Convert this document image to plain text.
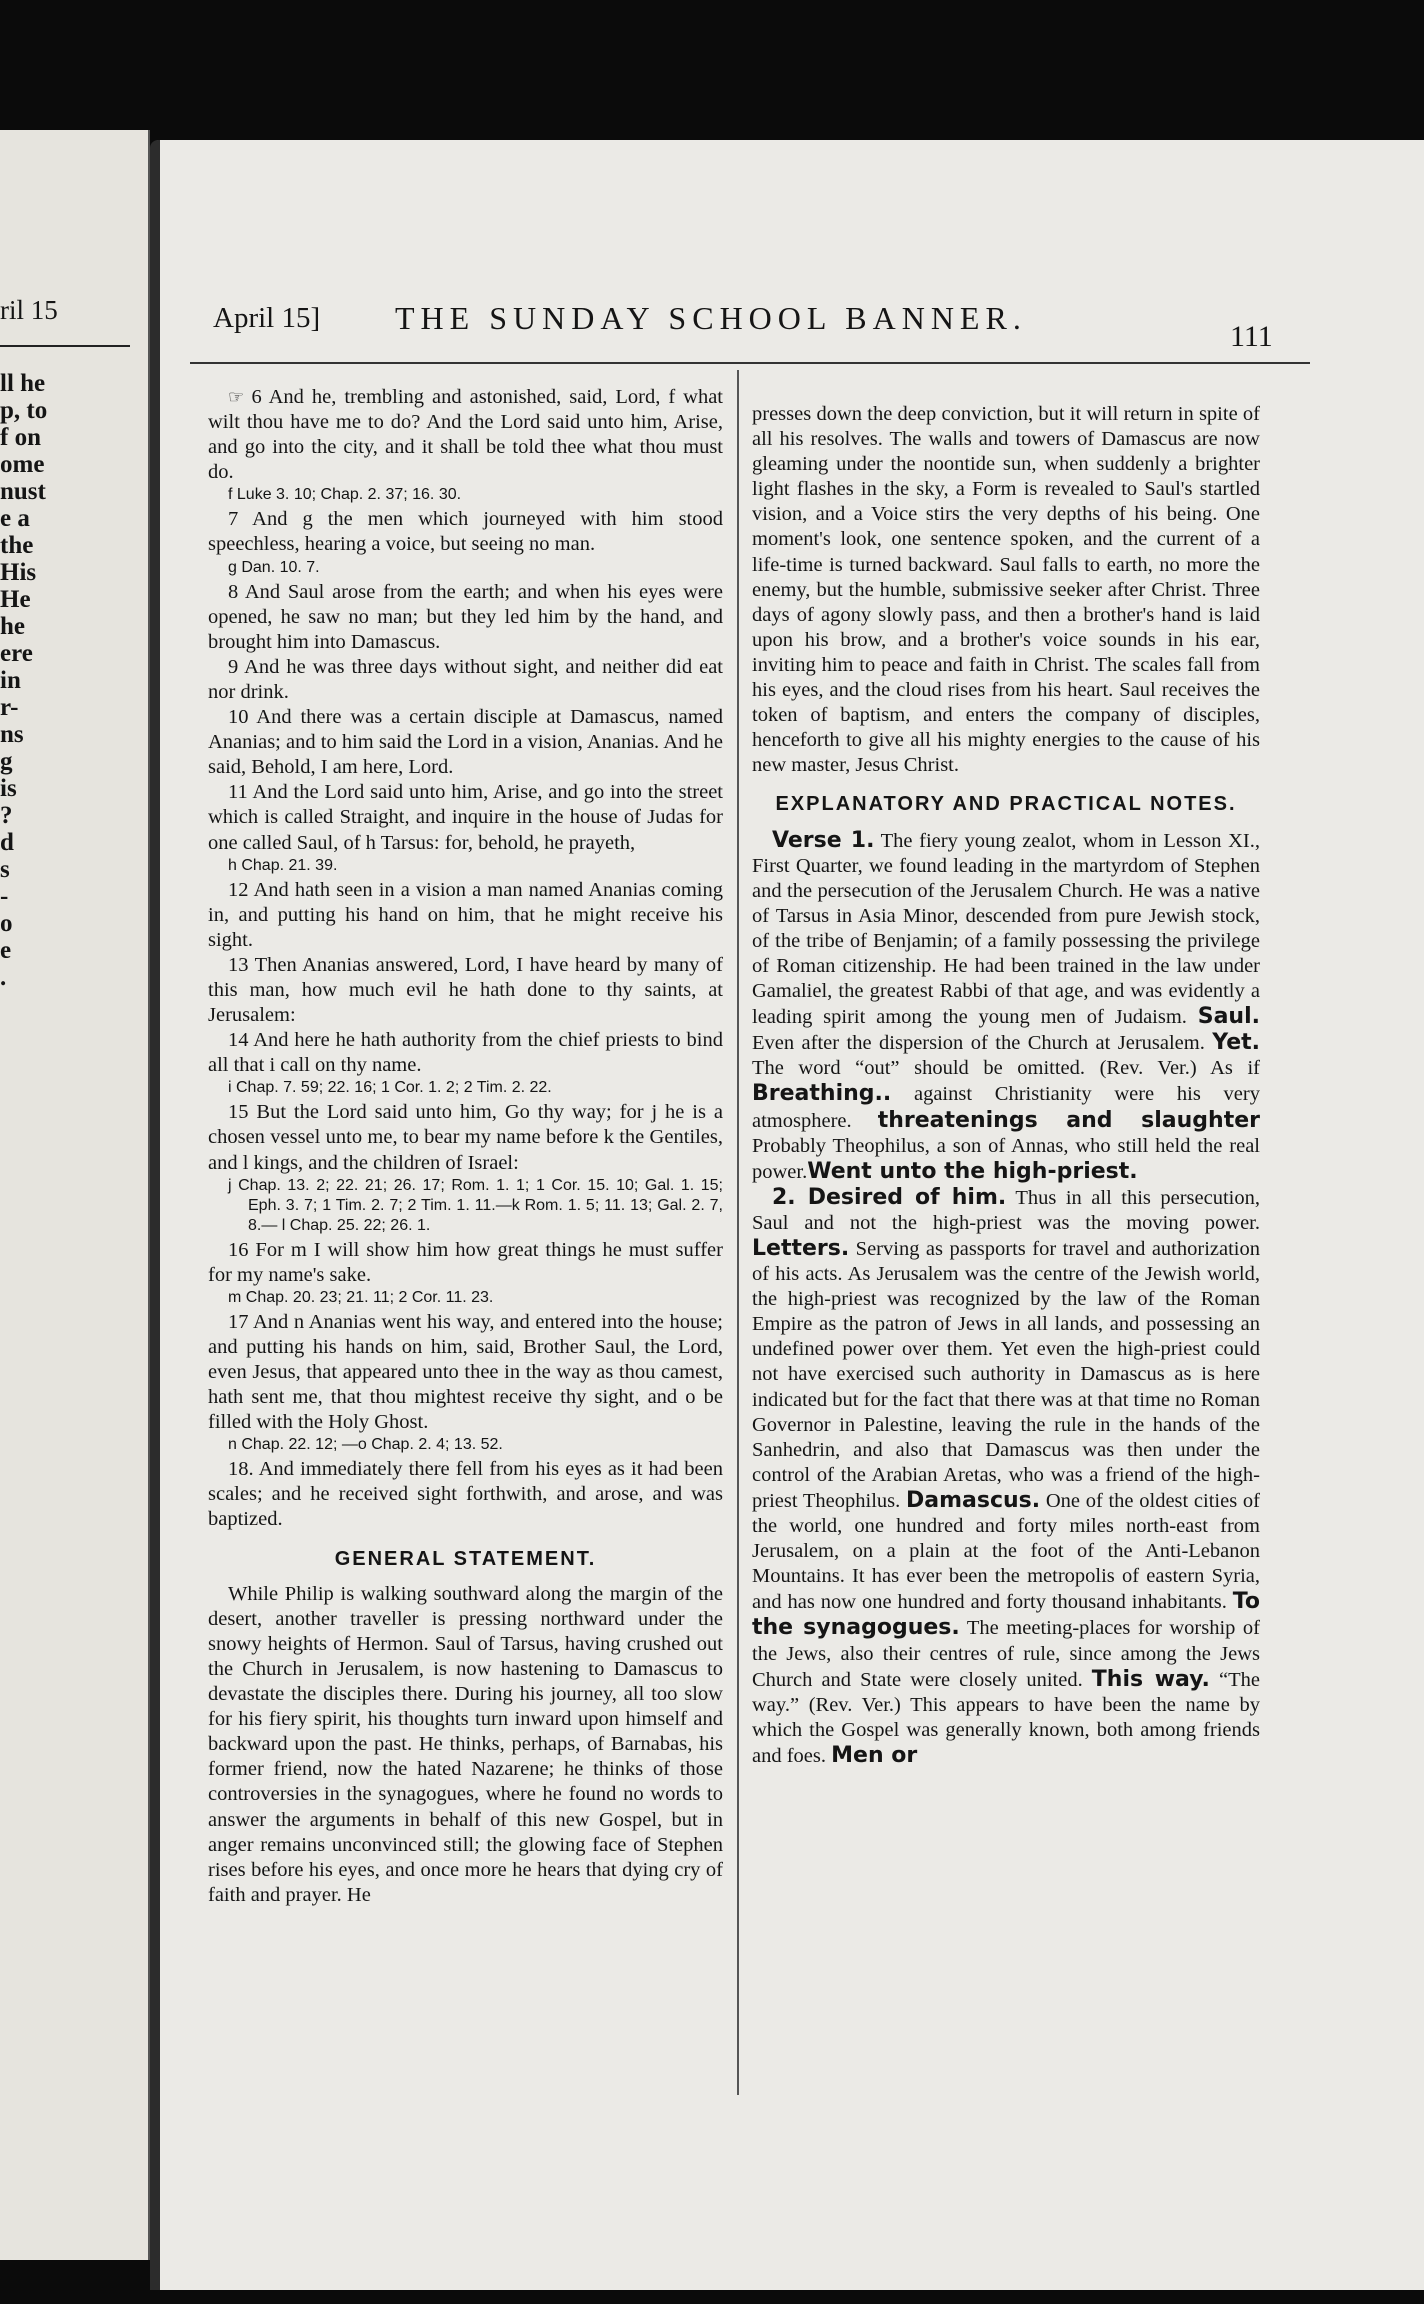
ril 15
ll he
p, to
f on
ome
nust
e a
the
His
He
he
ere
in
r-
ns
g
is
?
d
s
-
o
e
.
April 15] THE SUNDAY SCHOOL BANNER.
111

☞ 6 And he, trembling and astonished, said, Lord, f what wilt thou have me to do? And the Lord said unto him, Arise, and go into the city, and it shall be told thee what thou must do.

f Luke 3. 10; Chap. 2. 37; 16. 30.

7 And g the men which journeyed with him stood speechless, hearing a voice, but seeing no man.

g Dan. 10. 7.

8 And Saul arose from the earth; and when his eyes were opened, he saw no man; but they led him by the hand, and brought him into Damascus.

9 And he was three days without sight, and neither did eat nor drink.

10 And there was a certain disciple at Damascus, named Ananias; and to him said the Lord in a vision, Ananias. And he said, Behold, I am here, Lord.

11 And the Lord said unto him, Arise, and go into the street which is called Straight, and inquire in the house of Judas for one called Saul, of h Tarsus: for, behold, he prayeth,

h Chap. 21. 39.

12 And hath seen in a vision a man named Ananias coming in, and putting his hand on him, that he might receive his sight.

13 Then Ananias answered, Lord, I have heard by many of this man, how much evil he hath done to thy saints, at Jerusalem:

14 And here he hath authority from the chief priests to bind all that i call on thy name.

i Chap. 7. 59; 22. 16; 1 Cor. 1. 2; 2 Tim. 2. 22.

15 But the Lord said unto him, Go thy way; for j he is a chosen vessel unto me, to bear my name before k the Gentiles, and l kings, and the children of Israel:

j Chap. 13. 2; 22. 21; 26. 17; Rom. 1. 1; 1 Cor. 15. 10; Gal. 1. 15; Eph. 3. 7; 1 Tim. 2. 7; 2 Tim. 1. 11.—k Rom. 1. 5; 11. 13; Gal. 2. 7, 8.— l Chap. 25. 22; 26. 1.

16 For m I will show him how great things he must suffer for my name's sake.

m Chap. 20. 23; 21. 11; 2 Cor. 11. 23.

17 And n Ananias went his way, and entered into the house; and putting his hands on him, said, Brother Saul, the Lord, even Jesus, that appeared unto thee in the way as thou camest, hath sent me, that thou mightest receive thy sight, and o be filled with the Holy Ghost.

n Chap. 22. 12; —o Chap. 2. 4; 13. 52.

18. And immediately there fell from his eyes as it had been scales; and he received sight forthwith, and arose, and was baptized.

GENERAL STATEMENT.

While Philip is walking southward along the margin of the desert, another traveller is pressing northward under the snowy heights of Hermon. Saul of Tarsus, having crushed out the Church in Jerusalem, is now hastening to Damascus to devastate the disciples there. During his journey, all too slow for his fiery spirit, his thoughts turn inward upon himself and backward upon the past. He thinks, perhaps, of Barnabas, his former friend, now the hated Nazarene; he thinks of those controversies in the synagogues, where he found no words to answer the arguments in behalf of this new Gospel, but in anger remains unconvinced still; the glowing face of Stephen rises before his eyes, and once more he hears that dying cry of faith and prayer. He

presses down the deep conviction, but it will return in spite of all his resolves. The walls and towers of Damascus are now gleaming under the noontide sun, when suddenly a brighter light flashes in the sky, a Form is revealed to Saul's startled vision, and a Voice stirs the very depths of his being. One moment's look, one sentence spoken, and the current of a life-time is turned backward. Saul falls to earth, no more the enemy, but the humble, submissive seeker after Christ. Three days of agony slowly pass, and then a brother's hand is laid upon his brow, and a brother's voice sounds in his ear, inviting him to peace and faith in Christ. The scales fall from his eyes, and the cloud rises from his heart. Saul receives the token of baptism, and enters the company of disciples, henceforth to give all his mighty energies to the cause of his new master, Jesus Christ.

EXPLANATORY AND PRACTICAL NOTES.

Verse 1. The fiery young zealot, whom in Lesson XI., First Quarter, we found leading in the martyrdom of Stephen and the persecution of the Jerusalem Church. He was a native of Tarsus in Asia Minor, descended from pure Jewish stock, of the tribe of Benjamin; of a family possessing the privilege of Roman citizenship. He had been trained in the law under Gamaliel, the greatest Rabbi of that age, and was evidently a leading spirit among the young men of Judaism. Saul. Even after the dispersion of the Church at Jerusalem. Yet. The word “out” should be omitted. (Rev. Ver.) As if Breathing.. against Christianity were his very atmosphere. threatenings and slaughter Probably Theophilus, a son of Annas, who still held the real power.Went unto the high-priest.

2. Desired of him. Thus in all this persecution, Saul and not the high-priest was the moving power. Letters. Serving as passports for travel and authorization of his acts. As Jerusalem was the centre of the Jewish world, the high-priest was recognized by the law of the Roman Empire as the patron of Jews in all lands, and possessing an undefined power over them. Yet even the high-priest could not have exercised such authority in Damascus as is here indicated but for the fact that there was at that time no Roman Governor in Palestine, leaving the rule in the hands of the Sanhedrin, and also that Damascus was then under the control of the Arabian Aretas, who was a friend of the high-priest Theophilus. Damascus. One of the oldest cities of the world, one hundred and forty miles north-east from Jerusalem, on a plain at the foot of the Anti-Lebanon Mountains. It has ever been the metropolis of eastern Syria, and has now one hundred and forty thousand inhabitants. To the synagogues. The meeting-places for worship of the Jews, also their centres of rule, since among the Jews Church and State were closely united. This way. “The way.” (Rev. Ver.) This appears to have been the name by which the Gospel was generally known, both among friends and foes. Men or
